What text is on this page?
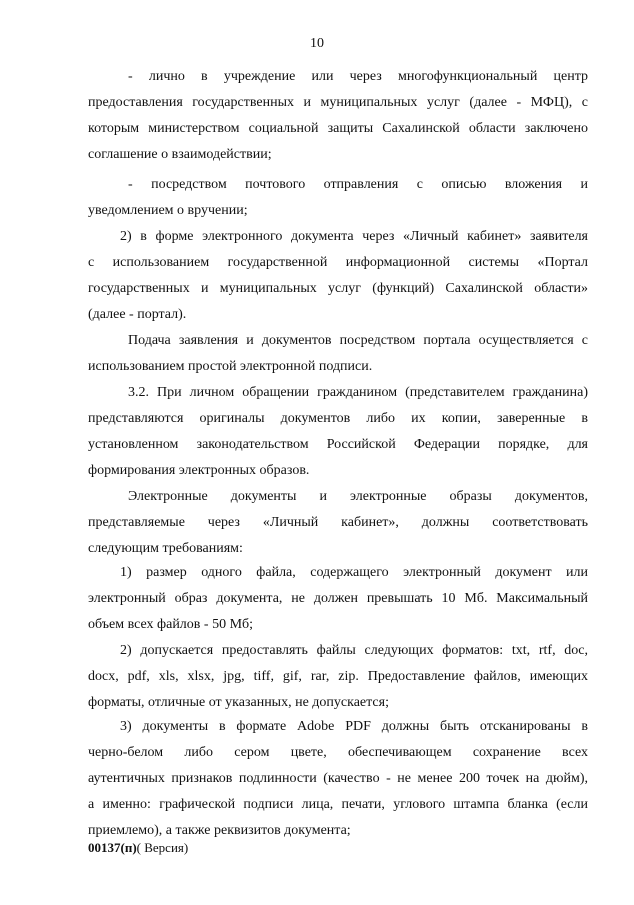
10
- лично в учреждение или через многофункциональный центр
предоставления государственных и муниципальных услуг (далее - МФЦ), с
которым министерством социальной защиты Сахалинской области заключено
соглашение о взаимодействии;
- посредством почтового отправления с описью вложения и
уведомлением о вручении;
2) в форме электронного документа через «Личный кабинет» заявителя
с использованием государственной информационной системы «Портал
государственных и муниципальных услуг (функций) Сахалинской области»
(далее - портал).
Подача заявления и документов посредством портала осуществляется с
использованием простой электронной подписи.
3.2. При личном обращении гражданином (представителем гражданина)
представляются оригиналы документов либо их копии, заверенные в
установленном законодательством Российской Федерации порядке, для
формирования электронных образов.
Электронные документы и электронные образы документов,
представляемые через «Личный кабинет», должны соответствовать
следующим требованиям:
1) размер одного файла, содержащего электронный документ или
электронный образ документа, не должен превышать 10 Мб. Максимальный
объем всех файлов - 50 Мб;
2) допускается предоставлять файлы следующих форматов: txt, rtf, doc,
docx, pdf, xls, xlsx, jpg, tiff, gif, rar, zip. Предоставление файлов, имеющих
форматы, отличные от указанных, не допускается;
3) документы в формате Adobe PDF должны быть отсканированы в
черно-белом либо сером цвете, обеспечивающем сохранение всех
аутентичных признаков подлинности (качество - не менее 200 точек на дюйм),
а именно: графической подписи лица, печати, углового штампа бланка (если
приемлемо), а также реквизитов документа;
00137(п)( Версия)
